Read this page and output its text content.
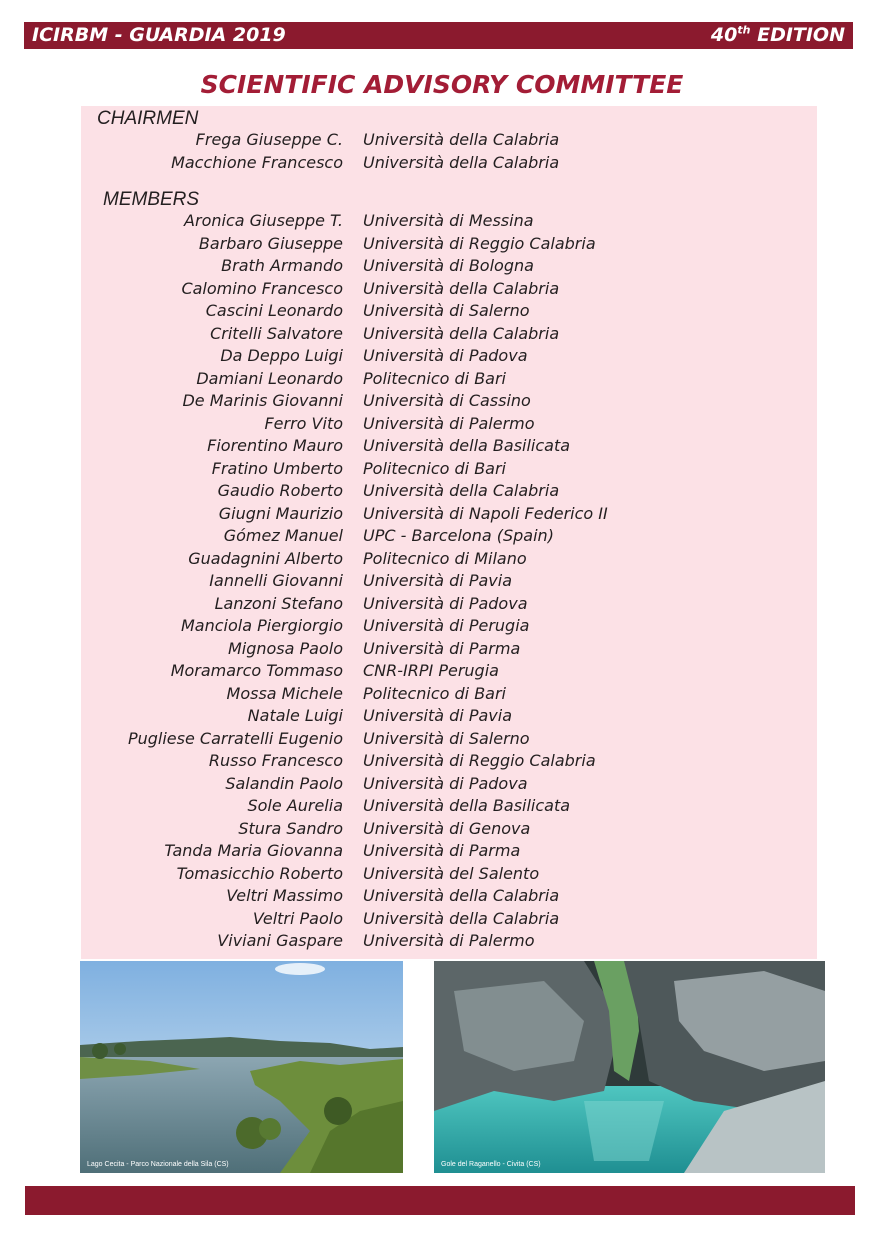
ICIRBM - GUARDIA 2019	40th EDITION
SCIENTIFIC ADVISORY COMMITTEE
CHAIRMEN
Frega Giuseppe C. Università della Calabria
Macchione Francesco Università della Calabria
MEMBERS
Aronica Giuseppe T. Università di Messina
Barbaro Giuseppe Università di Reggio Calabria
Brath Armando Università di Bologna
Calomino Francesco Università della Calabria
Cascini Leonardo Università di Salerno
Critelli Salvatore Università della Calabria
Da Deppo Luigi Università di Padova
Damiani Leonardo Politecnico di Bari
De Marinis Giovanni Università di Cassino
Ferro Vito Università di Palermo
Fiorentino Mauro Università della Basilicata
Fratino Umberto Politecnico di Bari
Gaudio Roberto Università della Calabria
Giugni Maurizio Università di Napoli Federico II
Gómez Manuel UPC - Barcelona (Spain)
Guadagnini Alberto Politecnico di Milano
Iannelli Giovanni Università di Pavia
Lanzoni Stefano Università di Padova
Manciola Piergiorgio Università di Perugia
Mignosa Paolo Università di Parma
Moramarco Tommaso CNR-IRPI Perugia
Mossa Michele Politecnico di Bari
Natale Luigi Università di Pavia
Pugliese Carratelli Eugenio Università di Salerno
Russo Francesco Università di Reggio Calabria
Salandin Paolo Università di Padova
Sole Aurelia Università della Basilicata
Stura Sandro Università di Genova
Tanda Maria Giovanna Università di Parma
Tomasicchio Roberto Università del Salento
Veltri Massimo Università della Calabria
Veltri Paolo Università della Calabria
Viviani Gaspare Università di Palermo
Lago Cecita - Parco Nazionale della Sila (CS)	Gole del Raganello - Civita (CS)
